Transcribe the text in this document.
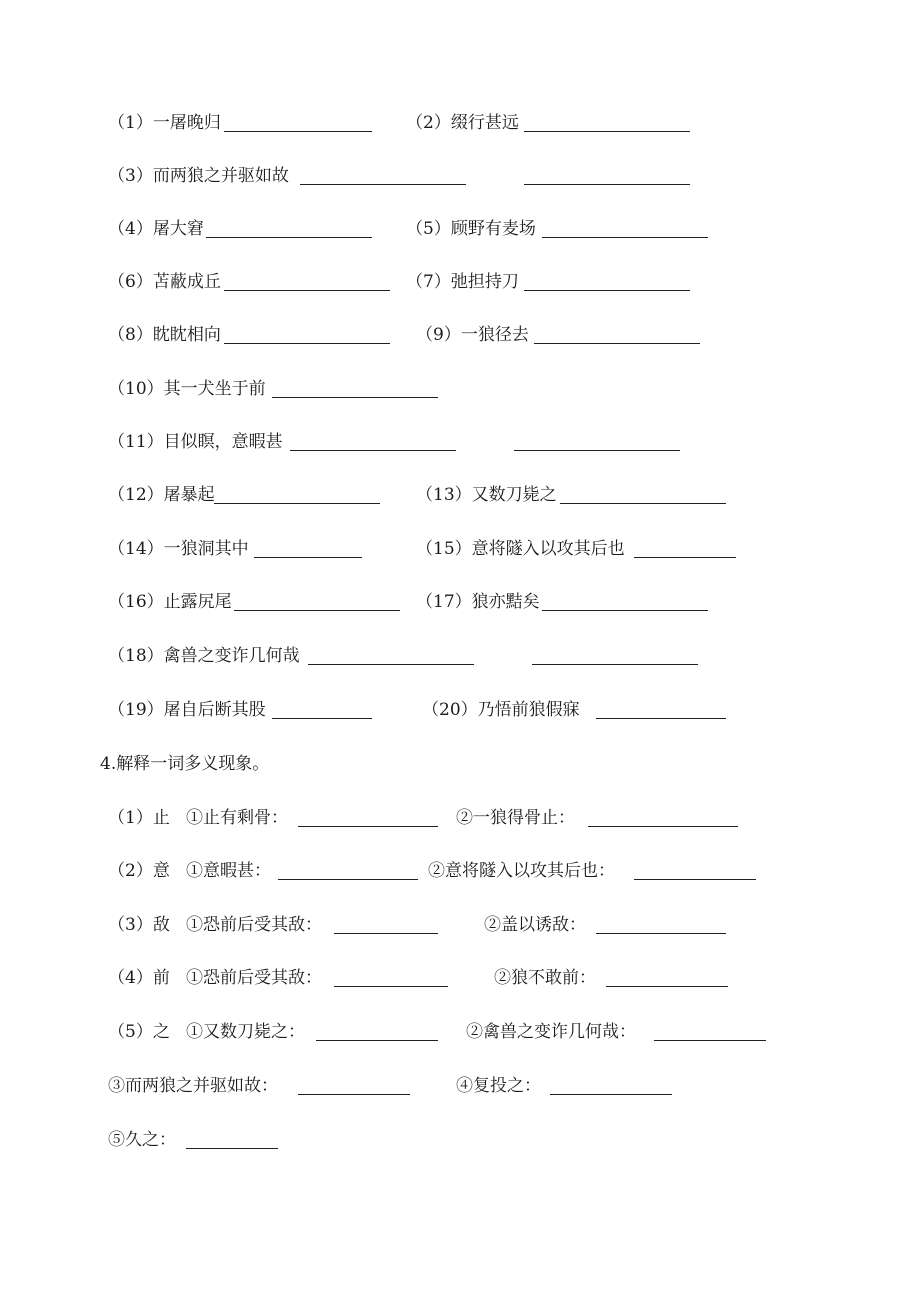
（1）一屠晚归	（2）缀行甚远
（3）而两狼之并驱如故
（4）屠大窘	（5）顾野有麦场
（6）苫蔽成丘	（7）弛担持刀
（8）眈眈相向	（9）一狼径去
（10）其一犬坐于前
（11）目似瞑，意暇甚
（12）屠暴起	（13）又数刀毙之
（14）一狼洞其中	（15）意将隧入以攻其后也
（16）止露尻尾	（17）狼亦黠矣
（18）禽兽之变诈几何哉
（19）屠自后断其股	（20）乃悟前狼假寐
4.解释一词多义现象。
（1）止 ①止有剩骨：	②一狼得骨止：
（2）意 ①意暇甚：	②意将隧入以攻其后也：
（3）敌 ①恐前后受其敌：	②盖以诱敌：
（4）前 ①恐前后受其敌：	②狼不敢前：
（5）之 ①又数刀毙之：	②禽兽之变诈几何哉：
③而两狼之并驱如故：	④复投之：
⑤久之：
